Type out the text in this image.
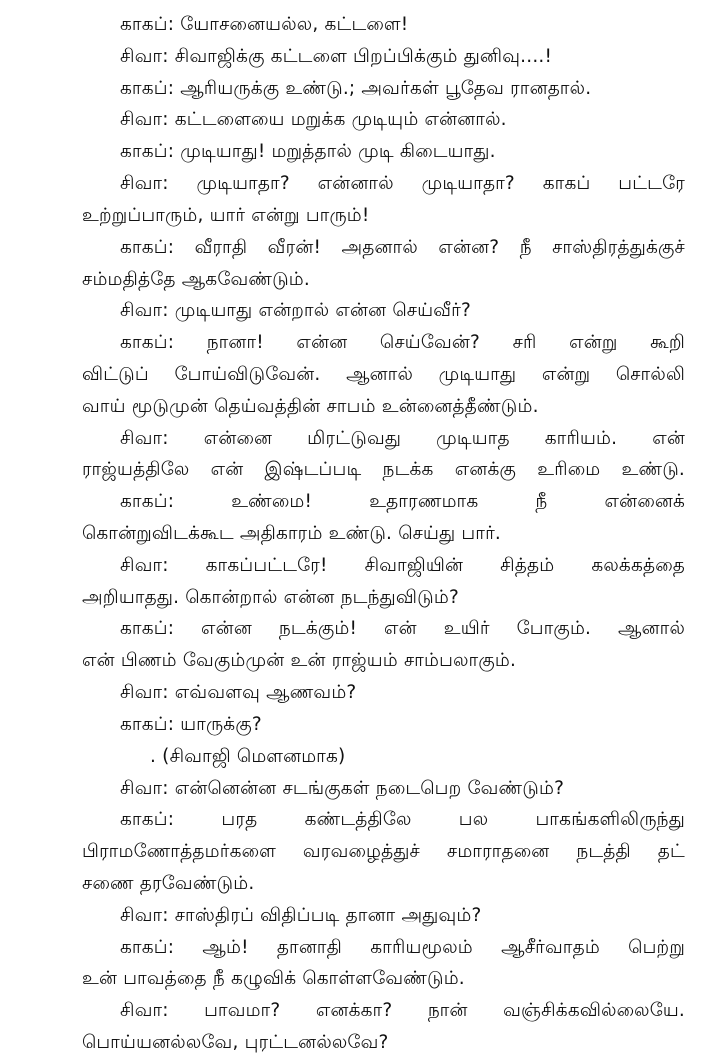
காகப்: யோசனையல்ல, கட்டளை!
சிவா: சிவாஜிக்கு கட்டளை பிறப்பிக்கும் துனிவு....!
காகப்: ஆரியருக்கு உண்டு.; அவர்கள் பூதேவ ரானதால்.
சிவா: கட்டளையை மறுக்க முடியும் என்னால்.
காகப்: முடியாது! மறுத்தால் முடி கிடையாது.
சிவா: முடியாதா? என்னால் முடியாதா? காகப் பட்டரே
உற்றுப்பாரும், யார் என்று பாரும்!
காகப்: வீராதி வீரன்! அதனால் என்ன? நீ சாஸ்திரத்துக்குச்
சம்மதித்தே ஆகவேண்டும்.
சிவா: முடியாது என்றால் என்ன செய்வீர்?
காகப்: நானா! என்ன செய்வேன்? சரி என்று கூறி
விட்டுப் போய்விடுவேன். ஆனால் முடியாது என்று சொல்லி
வாய் மூடுமுன் தெய்வத்தின் சாபம் உன்னைத்தீண்டும்.
சிவா: என்னை மிரட்டுவது முடியாத காரியம். என்
ராஜ்யத்திலே என் இஷ்டப்படி நடக்க எனக்கு உரிமை உண்டு.
காகப்: உண்மை! உதாரணமாக நீ என்னைக்
கொன்றுவிடக்கூட அதிகாரம் உண்டு. செய்து பார்.
சிவா: காகப்பட்டரே! சிவாஜியின் சித்தம் கலக்கத்தை
அறியாதது. கொன்றால் என்ன நடந்துவிடும்?
காகப்: என்ன நடக்கும்! என் உயிர் போகும். ஆனால்
என் பிணம் வேகும்முன் உன் ராஜ்யம் சாம்பலாகும்.
சிவா: எவ்வளவு ஆணவம்?
காகப்: யாருக்கு?
. (சிவாஜி மௌனமாக)
சிவா: என்னென்ன சடங்குகள் நடைபெற வேண்டும்?
காகப்: பரத கண்டத்திலே பல பாகங்களிலிருந்து
பிராமணோத்தமர்களை வரவழைத்துச் சமாராதனை நடத்தி தட்
சணை தரவேண்டும்.
சிவா: சாஸ்திரப் விதிப்படி தானா அதுவும்?
காகப்: ஆம்! தானாதி காரியமூலம் ஆசீர்வாதம் பெற்று
உன் பாவத்தை நீ கழுவிக் கொள்ளவேண்டும்.
சிவா: பாவமா? எனக்கா? நான் வஞ்சிக்கவில்லையே.
பொய்யனல்லவே, புரட்டனல்லவே?
